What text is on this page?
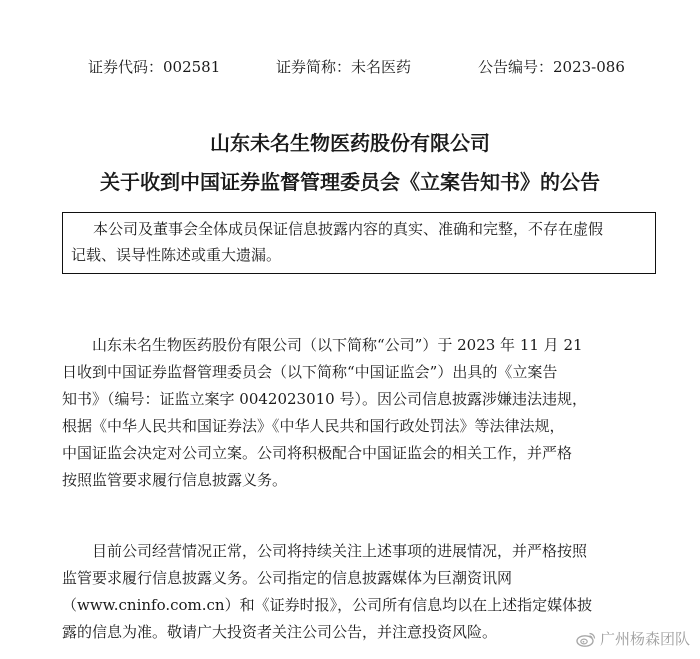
证券代码：002581	证券简称：未名医药	公告编号：2023-086
山东未名生物医药股份有限公司
关于收到中国证券监督管理委员会《立案告知书》的公告
本公司及董事会全体成员保证信息披露内容的真实、准确和完整，不存在虚假
记载、误导性陈述或重大遗漏。
山东未名生物医药股份有限公司（以下简称“公司”）于 2023 年 11 月 21
日收到中国证券监督管理委员会（以下简称“中国证监会”）出具的《立案告
知书》（编号：证监立案字 0042023010 号）。因公司信息披露涉嫌违法违规，
根据《中华人民共和国证券法》《中华人民共和国行政处罚法》等法律法规，
中国证监会决定对公司立案。公司将积极配合中国证监会的相关工作，并严格
按照监管要求履行信息披露义务。
目前公司经营情况正常，公司将持续关注上述事项的进展情况，并严格按照
监管要求履行信息披露义务。公司指定的信息披露媒体为巨潮资讯网
（www.cninfo.com.cn）和《证券时报》，公司所有信息均以在上述指定媒体披
露的信息为准。敬请广大投资者关注公司公告，并注意投资风险。	广州杨森团队
